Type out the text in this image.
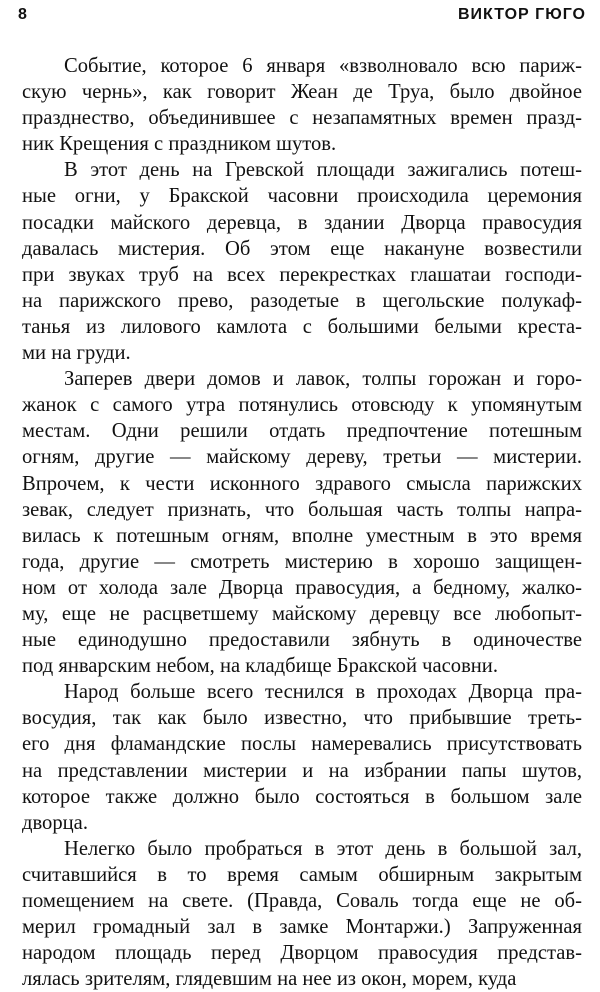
8	ВИКТОР ГЮГО
Событие, которое 6 января «взволновало всю париж-
скую чернь», как говорит Жеан де Труа, было двойное
празднество, объединившее с незапамятных времен празд-
ник Крещения с праздником шутов.
В этот день на Гревской площади зажигались потеш-
ные огни, у Бракской часовни происходила церемония
посадки майского деревца, в здании Дворца правосудия
давалась мистерия. Об этом еще накануне возвестили
при звуках труб на всех перекрестках глашатаи господи-
на парижского прево, разодетые в щегольские полукаф-
танья из лилового камлота с большими белыми креста-
ми на груди.
Заперев двери домов и лавок, толпы горожан и горо-
жанок с самого утра потянулись отовсюду к упомянутым
местам. Одни решили отдать предпочтение потешным
огням, другие — майскому дереву, третьи — мистерии.
Впрочем, к чести исконного здравого смысла парижских
зевак, следует признать, что большая часть толпы напра-
вилась к потешным огням, вполне уместным в это время
года, другие — смотреть мистерию в хорошо защищен-
ном от холода зале Дворца правосудия, а бедному, жалко-
му, еще не расцветшему майскому деревцу все любопыт-
ные единодушно предоставили зябнуть в одиночестве
под январским небом, на кладбище Бракской часовни.
Народ больше всего теснился в проходах Дворца пра-
восудия, так как было известно, что прибывшие треть-
его дня фламандские послы намеревались присутствовать
на представлении мистерии и на избрании папы шутов,
которое также должно было состояться в большом зале
дворца.
Нелегко было пробраться в этот день в большой зал,
считавшийся в то время самым обширным закрытым
помещением на свете. (Правда, Соваль тогда еще не об-
мерил громадный зал в замке Монтаржи.) Запруженная
народом площадь перед Дворцом правосудия представ-
лялась зрителям, глядевшим на нее из окон, морем, куда
